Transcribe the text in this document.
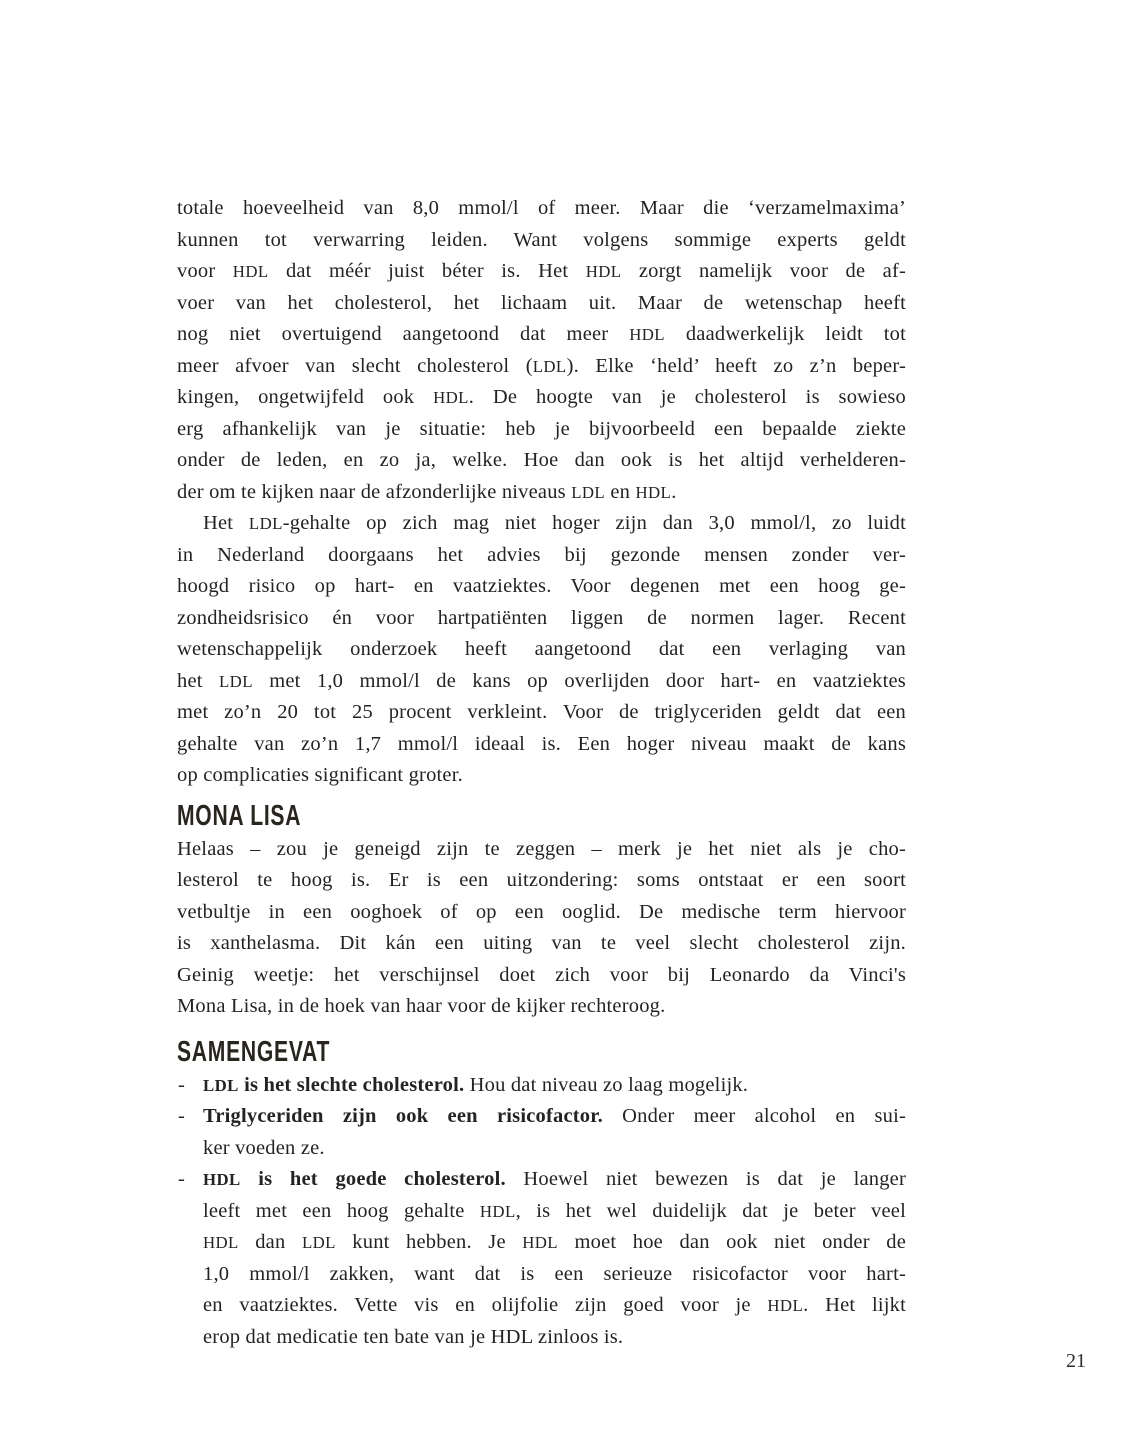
totale hoeveelheid van 8,0 mmol/l of meer. Maar die ‘verzamelmaxima’
kunnen tot verwarring leiden. Want volgens sommige experts geldt
voor HDL dat méér juist béter is. Het HDL zorgt namelijk voor de af-
voer van het cholesterol, het lichaam uit. Maar de wetenschap heeft
nog niet overtuigend aangetoond dat meer HDL daadwerkelijk leidt tot
meer afvoer van slecht cholesterol (LDL). Elke ‘held’ heeft zo z’n beper-
kingen, ongetwijfeld ook HDL. De hoogte van je cholesterol is sowieso
erg afhankelijk van je situatie: heb je bijvoorbeeld een bepaalde ziekte
onder de leden, en zo ja, welke. Hoe dan ook is het altijd verhelderen-
der om te kijken naar de afzonderlijke niveaus LDL en HDL.
Het LDL-gehalte op zich mag niet hoger zijn dan 3,0 mmol/l, zo luidt
in Nederland doorgaans het advies bij gezonde mensen zonder ver-
hoogd risico op hart- en vaatziektes. Voor degenen met een hoog ge-
zondheidsrisico én voor hartpatiënten liggen de normen lager. Recent
wetenschappelijk onderzoek heeft aangetoond dat een verlaging van
het LDL met 1,0 mmol/l de kans op overlijden door hart- en vaatziektes
met zo’n 20 tot 25 procent verkleint. Voor de triglyceriden geldt dat een
gehalte van zo’n 1,7 mmol/l ideaal is. Een hoger niveau maakt de kans
op complicaties significant groter.
MONA LISA
Helaas – zou je geneigd zijn te zeggen – merk je het niet als je cho-
lesterol te hoog is. Er is een uitzondering: soms ontstaat er een soort
vetbultje in een ooghoek of op een ooglid. De medische term hiervoor
is xanthelasma. Dit kán een uiting van te veel slecht cholesterol zijn.
Geinig weetje: het verschijnsel doet zich voor bij Leonardo da Vinci's
Mona Lisa, in de hoek van haar voor de kijker rechteroog.
SAMENGEVAT
- LDL is het slechte cholesterol. Hou dat niveau zo laag mogelijk.
- Triglyceriden zijn ook een risicofactor. Onder meer alcohol en sui-
ker voeden ze.
- HDL is het goede cholesterol. Hoewel niet bewezen is dat je langer
leeft met een hoog gehalte HDL, is het wel duidelijk dat je beter veel
HDL dan LDL kunt hebben. Je HDL moet hoe dan ook niet onder de
1,0 mmol/l zakken, want dat is een serieuze risicofactor voor hart-
en vaatziektes. Vette vis en olijfolie zijn goed voor je HDL. Het lijkt
erop dat medicatie ten bate van je HDL zinloos is.
21
